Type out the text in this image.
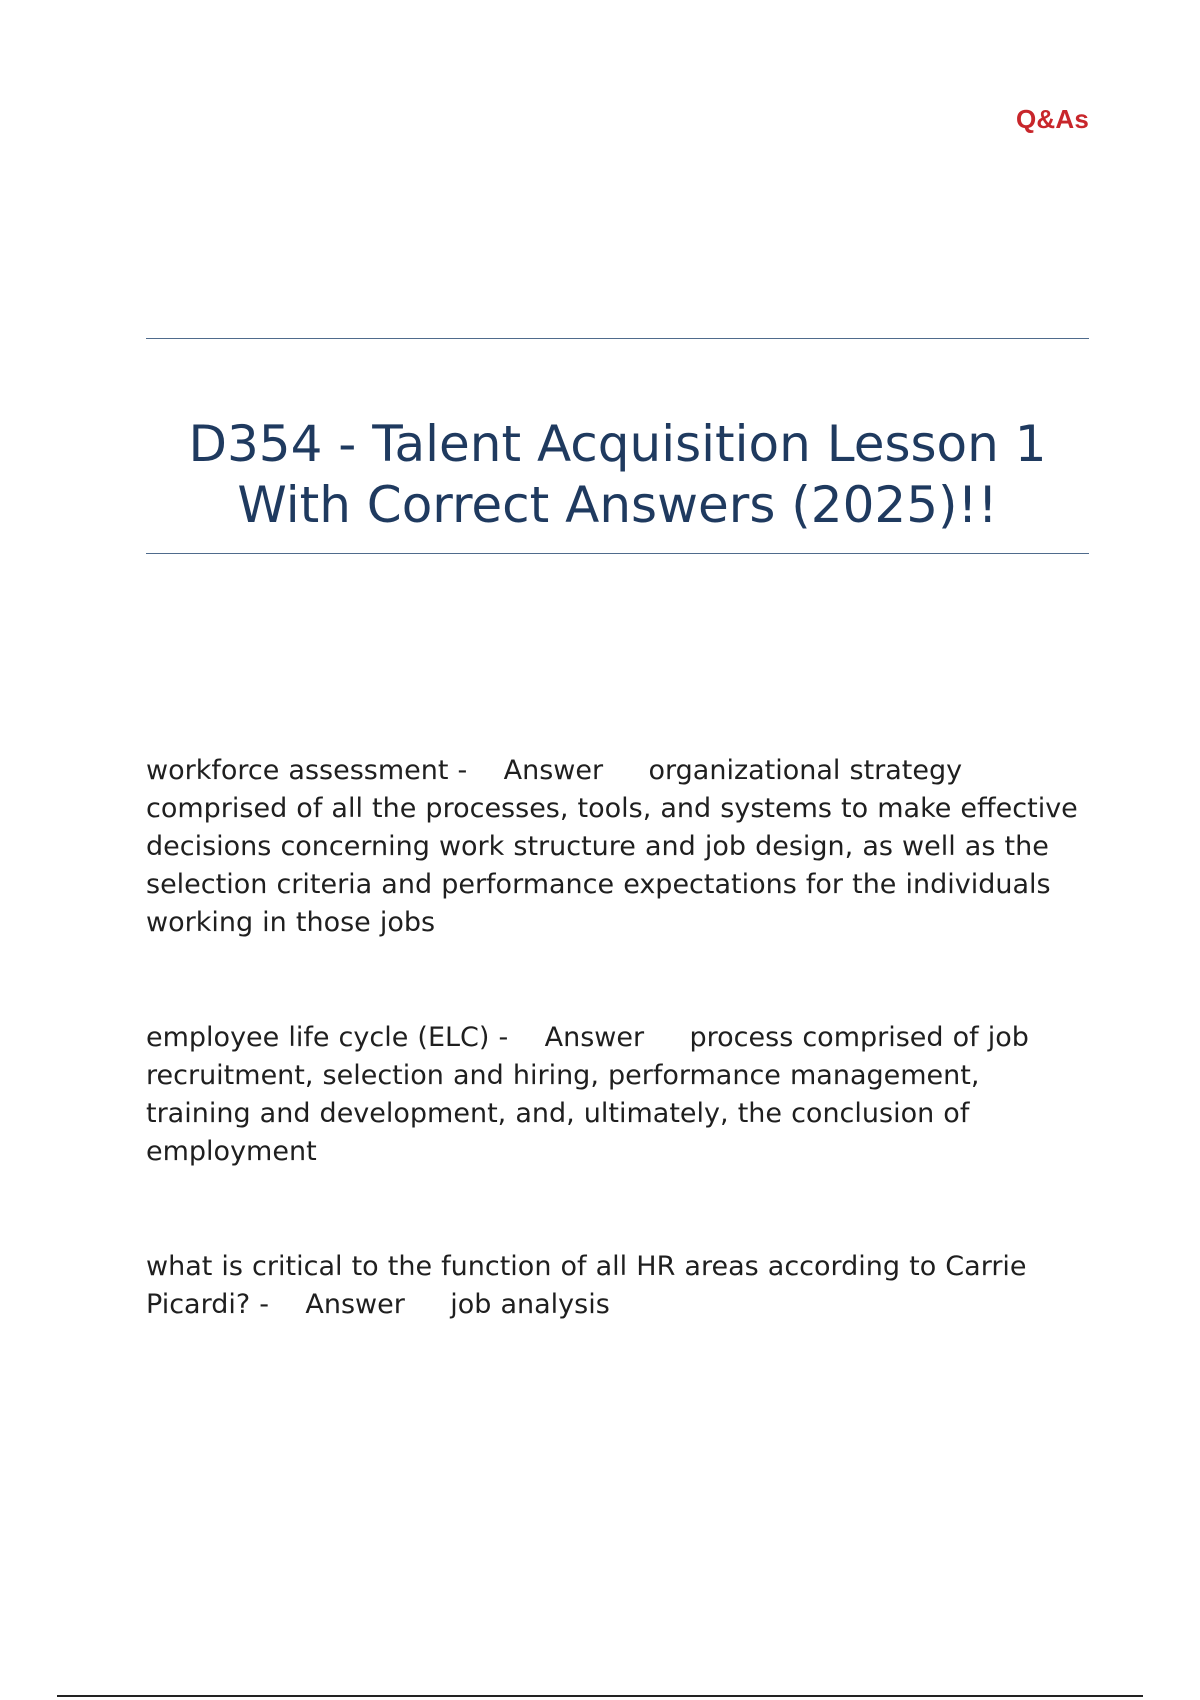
Q&As
D354 - Talent Acquisition Lesson 1
With Correct Answers (2025)!!

workforce assessment - Answer organizational strategy comprised of all the processes, tools, and systems to make effective decisions concerning work structure and job design, as well as the selection criteria and performance expectations for the individuals working in those jobs

employee life cycle (ELC) - Answer process comprised of job recruitment, selection and hiring, performance management, training and development, and, ultimately, the conclusion of employment

what is critical to the function of all HR areas according to Carrie Picardi? - Answer job analysis
